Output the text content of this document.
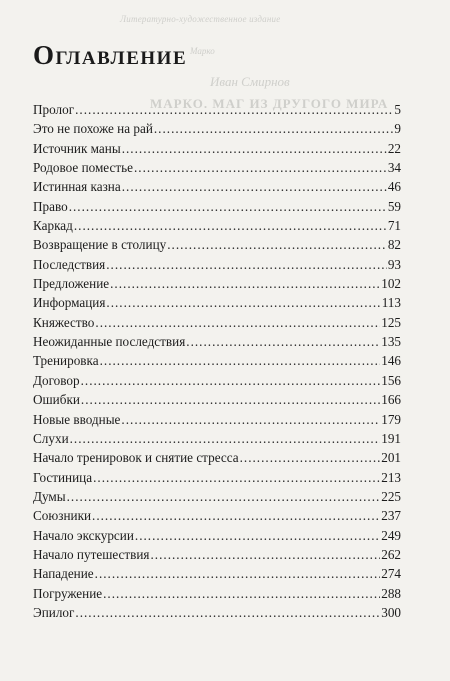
Литературно-художественное издание
Марко
Иван Смирнов
МАРКО. МАГ ИЗ ДРУГОГО МИРА
Оглавление
Пролог .....	5
Это не похоже на рай .....	9
Источник маны .....	22
Родовое поместье .....	34
Истинная казна .....	46
Право .....	59
Каркад .....	71
Возвращение в столицу .....	82
Последствия .....	93
Предложение .....	102
Информация .....	113
Княжество .....	125
Неожиданные последствия .....	135
Тренировка .....	146
Договор .....	156
Ошибки .....	166
Новые вводные .....	179
Слухи .....	191
Начало тренировок и снятие стресса .....	201
Гостиница .....	213
Думы .....	225
Союзники .....	237
Начало экскурсии .....	249
Начало путешествия .....	262
Нападение .....	274
Погружение .....	288
Эпилог .....	300
